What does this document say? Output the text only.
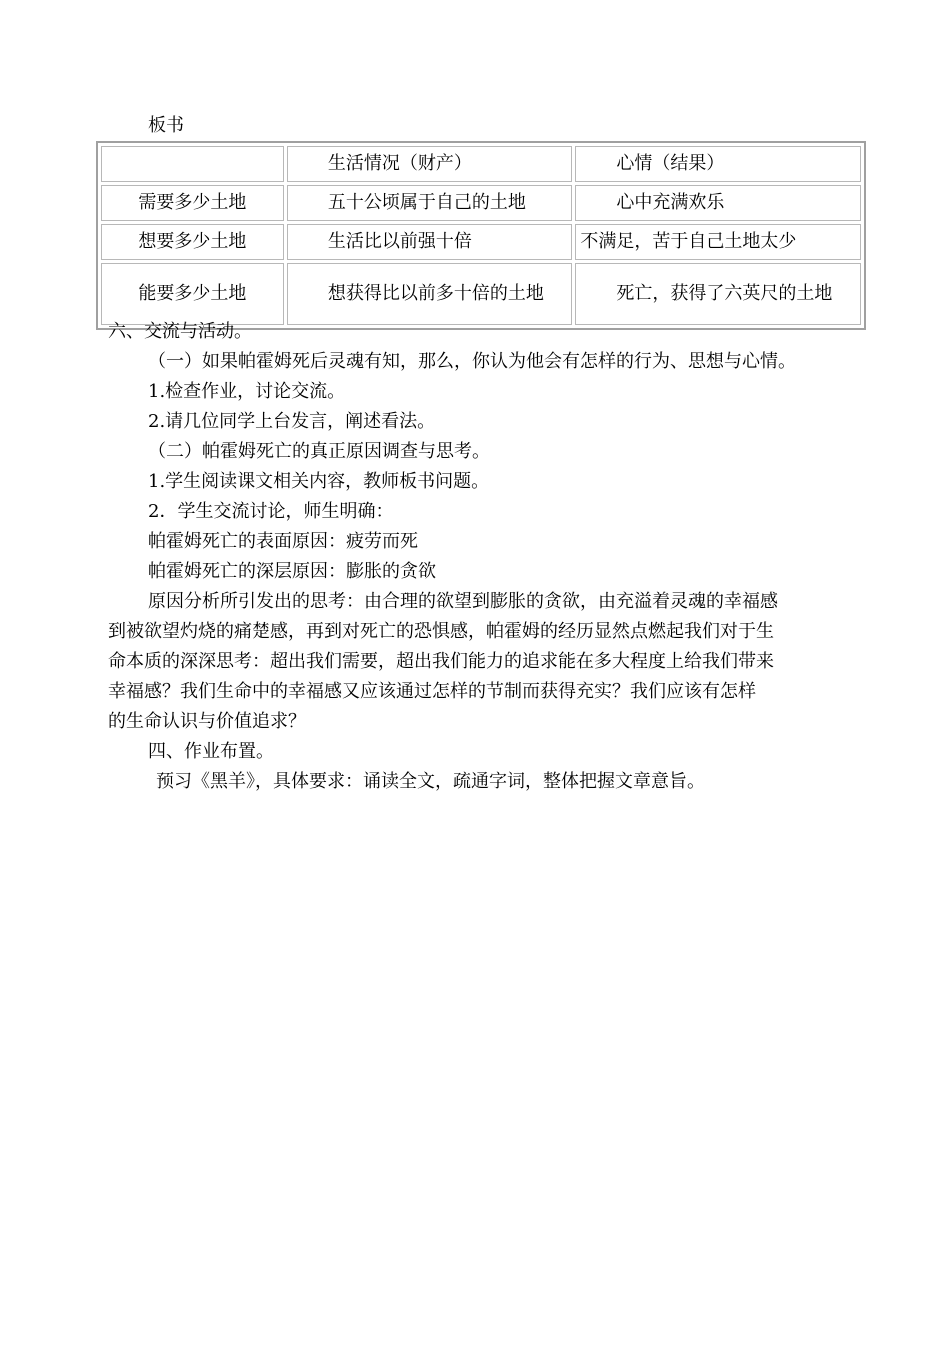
板书
	生活情况（财产）	心情（结果）
需要多少土地	五十公顷属于自己的土地	心中充满欢乐
想要多少土地	生活比以前强十倍	不满足，苦于自己土地太少
能要多少土地	想获得比以前多十倍的土地	死亡，获得了六英尺的土地
六、交流与活动。
（一）如果帕霍姆死后灵魂有知，那么，你认为他会有怎样的行为、思想与心情。
1.检查作业，讨论交流。
2.请几位同学上台发言，阐述看法。
（二）帕霍姆死亡的真正原因调查与思考。
1.学生阅读课文相关内容，教师板书问题。
2．学生交流讨论，师生明确：
帕霍姆死亡的表面原因：疲劳而死
帕霍姆死亡的深层原因：膨胀的贪欲
原因分析所引发出的思考：由合理的欲望到膨胀的贪欲，由充溢着灵魂的幸福感
到被欲望灼烧的痛楚感，再到对死亡的恐惧感，帕霍姆的经历显然点燃起我们对于生
命本质的深深思考：超出我们需要，超出我们能力的追求能在多大程度上给我们带来
幸福感？我们生命中的幸福感又应该通过怎样的节制而获得充实？我们应该有怎样
的生命认识与价值追求？
四、作业布置。
预习《黑羊》，具体要求：诵读全文，疏通字词，整体把握文章意旨。
